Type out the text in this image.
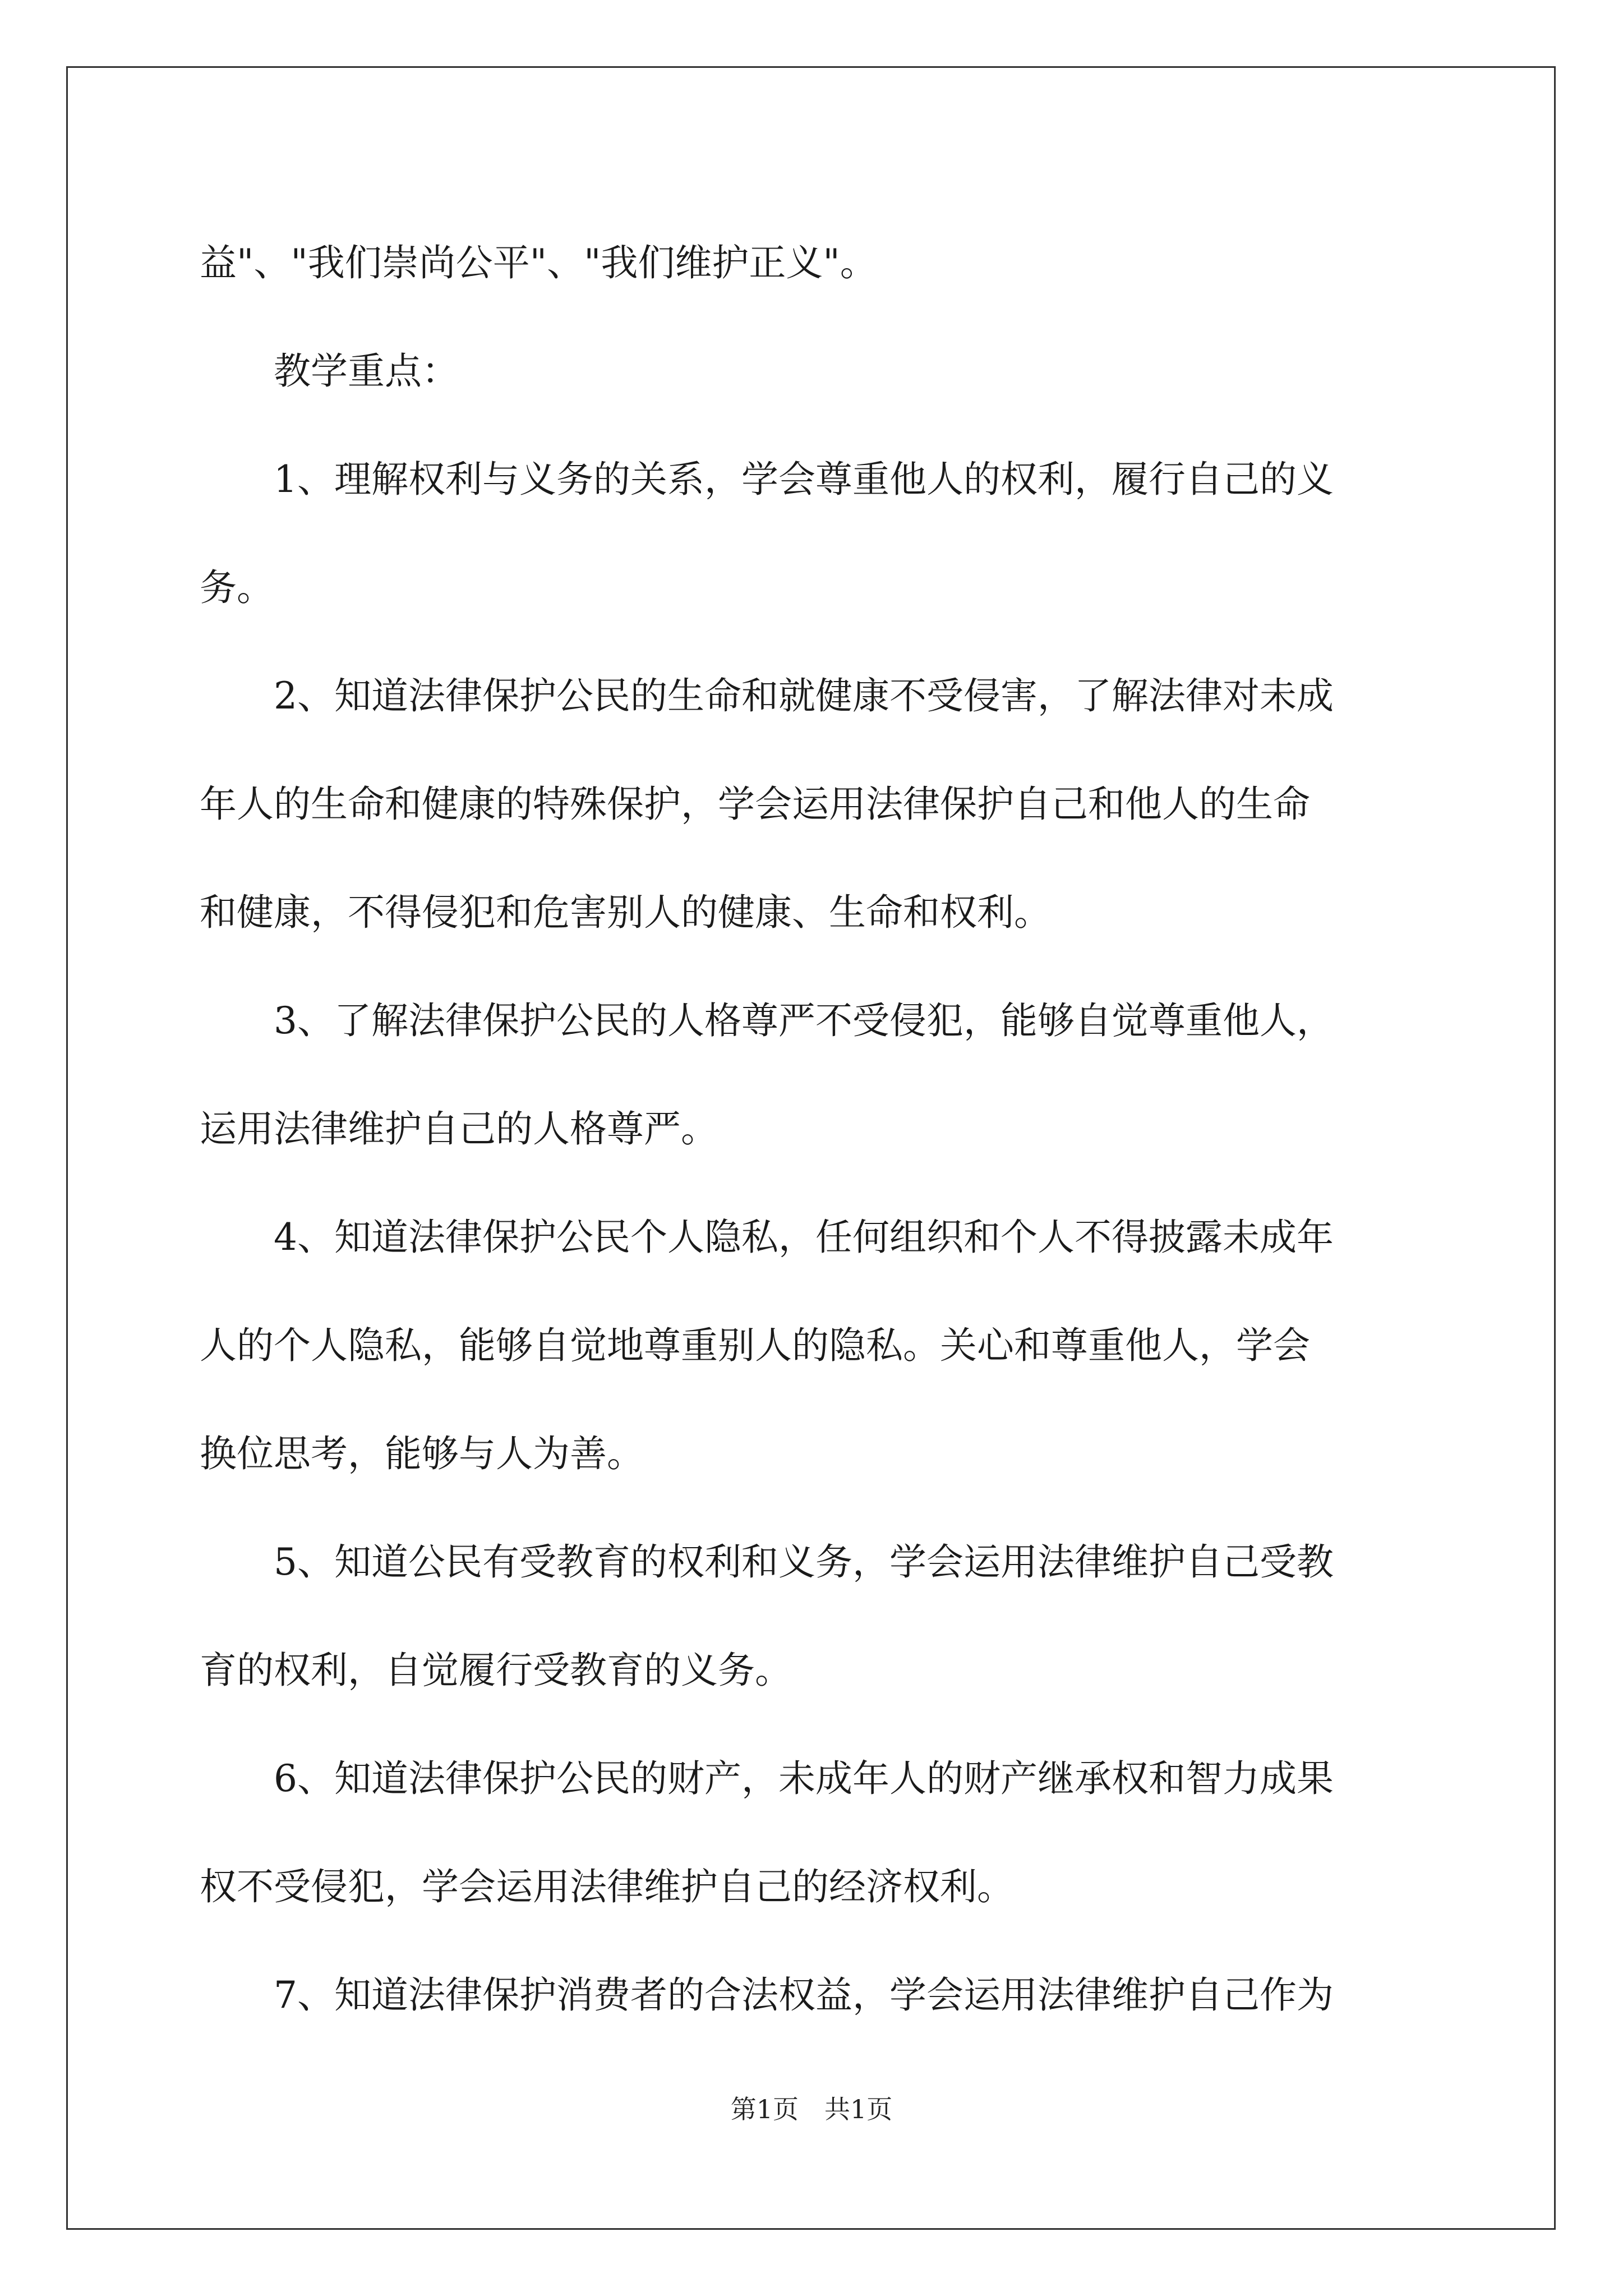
益"、"我们崇尚公平"、"我们维护正义"。
教学重点：
1、理解权利与义务的关系，学会尊重他人的权利，履行自己的义
务。
2、知道法律保护公民的生命和就健康不受侵害，了解法律对未成
年人的生命和健康的特殊保护，学会运用法律保护自己和他人的生命
和健康，不得侵犯和危害别人的健康、生命和权利。
3、了解法律保护公民的人格尊严不受侵犯，能够自觉尊重他人，
运用法律维护自己的人格尊严。
4、知道法律保护公民个人隐私，任何组织和个人不得披露未成年
人的个人隐私，能够自觉地尊重别人的隐私。关心和尊重他人，学会
换位思考，能够与人为善。
5、知道公民有受教育的权利和义务，学会运用法律维护自己受教
育的权利，自觉履行受教育的义务。
6、知道法律保护公民的财产，未成年人的财产继承权和智力成果
权不受侵犯，学会运用法律维护自己的经济权利。
7、知道法律保护消费者的合法权益，学会运用法律维护自己作为
第1页　共1页
